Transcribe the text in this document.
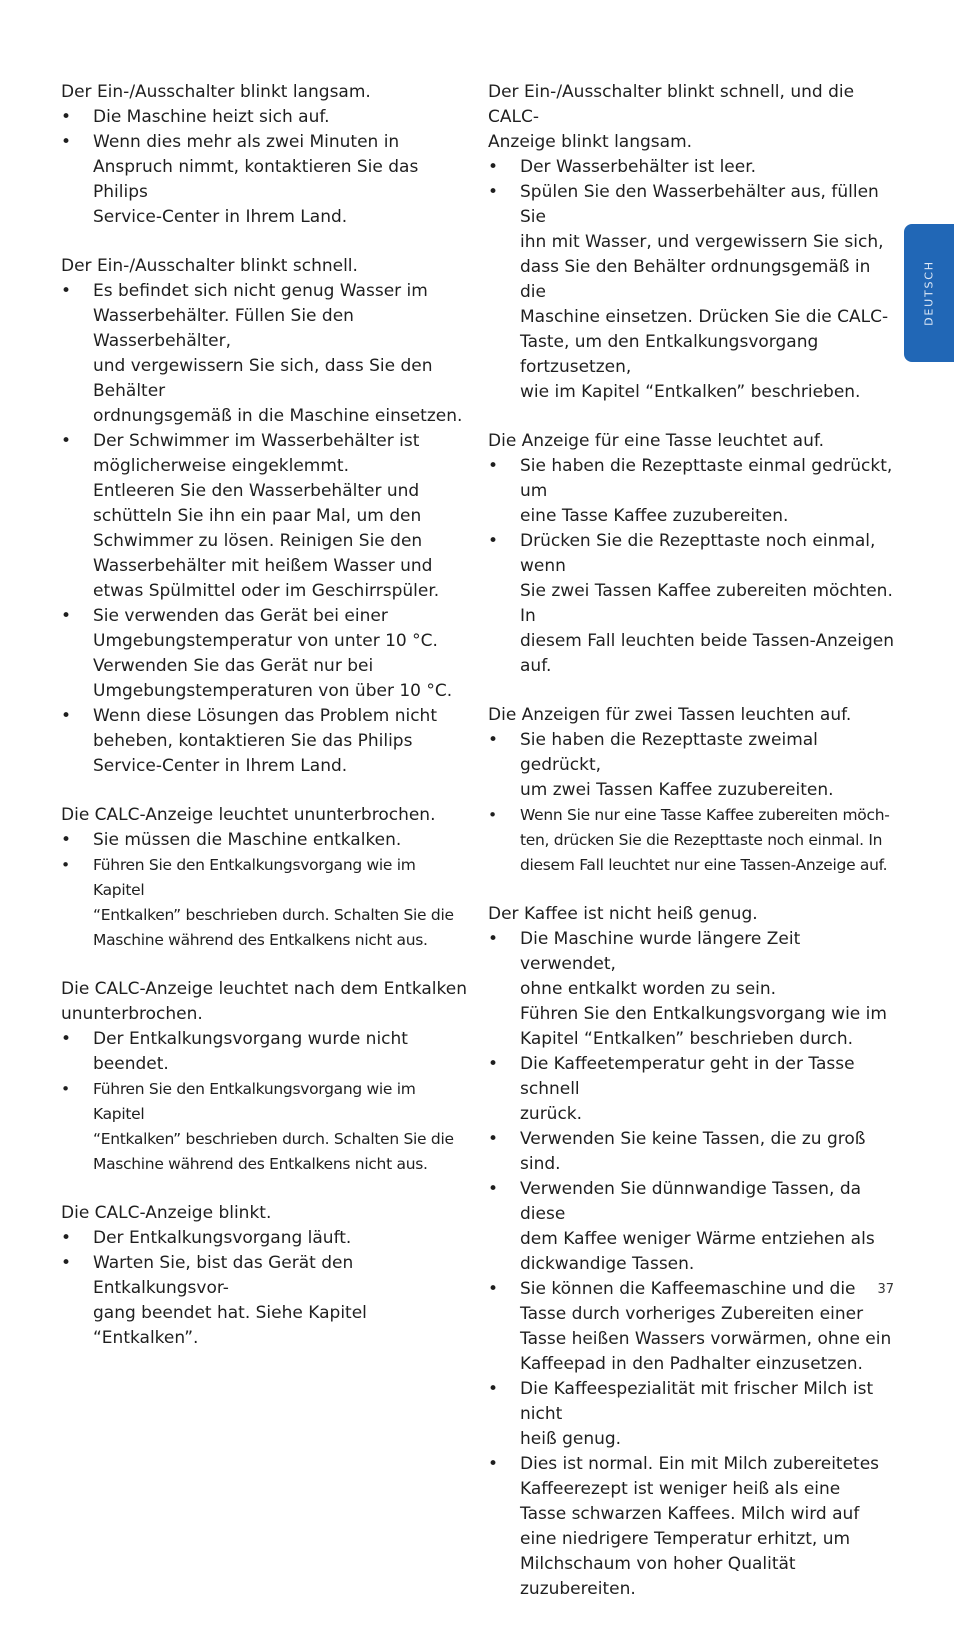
Der Ein-/Ausschalter blinkt langsam.

• Die Maschine heizt sich auf.
• Wenn dies mehr als zwei Minuten in
Anspruch nimmt, kontaktieren Sie das Philips
Service-Center in Ihrem Land.

Der Ein-/Ausschalter blinkt schnell.

• Es befindet sich nicht genug Wasser im
Wasserbehälter. Füllen Sie den Wasserbehälter,
und vergewissern Sie sich, dass Sie den Behälter
ordnungsgemäß in die Maschine einsetzen.
• Der Schwimmer im Wasserbehälter ist
möglicherweise eingeklemmt.
Entleeren Sie den Wasserbehälter und
schütteln Sie ihn ein paar Mal, um den
Schwimmer zu lösen. Reinigen Sie den
Wasserbehälter mit heißem Wasser und
etwas Spülmittel oder im Geschirrspüler.
• Sie verwenden das Gerät bei einer
Umgebungstemperatur von unter 10 °C.
Verwenden Sie das Gerät nur bei
Umgebungstemperaturen von über 10 °C.
• Wenn diese Lösungen das Problem nicht
beheben, kontaktieren Sie das Philips
Service-Center in Ihrem Land.

Die CALC-Anzeige leuchtet ununterbrochen.

• Sie müssen die Maschine entkalken.
• Führen Sie den Entkalkungsvorgang wie im Kapitel
“Entkalken” beschrieben durch. Schalten Sie die
Maschine während des Entkalkens nicht aus.

Die CALC-Anzeige leuchtet nach dem Entkalken
ununterbrochen.

• Der Entkalkungsvorgang wurde nicht beendet.
• Führen Sie den Entkalkungsvorgang wie im Kapitel
“Entkalken” beschrieben durch. Schalten Sie die
Maschine während des Entkalkens nicht aus.

Die CALC-Anzeige blinkt.

• Der Entkalkungsvorgang läuft.
• Warten Sie, bist das Gerät den Entkalkungsvor-
gang beendet hat. Siehe Kapitel “Entkalken”.

Der Ein-/Ausschalter blinkt schnell, und die CALC-
Anzeige blinkt langsam.

• Der Wasserbehälter ist leer.
• Spülen Sie den Wasserbehälter aus, füllen Sie
ihn mit Wasser, und vergewissern Sie sich,
dass Sie den Behälter ordnungsgemäß in die
Maschine einsetzen. Drücken Sie die CALC-
Taste, um den Entkalkungsvorgang fortzusetzen,
wie im Kapitel “Entkalken” beschrieben.

Die Anzeige für eine Tasse leuchtet auf.

• Sie haben die Rezepttaste einmal gedrückt, um
eine Tasse Kaffee zuzubereiten.
• Drücken Sie die Rezepttaste noch einmal, wenn
Sie zwei Tassen Kaffee zubereiten möchten. In
diesem Fall leuchten beide Tassen-Anzeigen auf.

Die Anzeigen für zwei Tassen leuchten auf.

• Sie haben die Rezepttaste zweimal gedrückt,
um zwei Tassen Kaffee zuzubereiten.
• Wenn Sie nur eine Tasse Kaffee zubereiten möch-
ten, drücken Sie die Rezepttaste noch einmal. In
diesem Fall leuchtet nur eine Tassen-Anzeige auf.

Der Kaffee ist nicht heiß genug.

• Die Maschine wurde längere Zeit verwendet,
ohne entkalkt worden zu sein.
Führen Sie den Entkalkungsvorgang wie im
Kapitel “Entkalken” beschrieben durch.
• Die Kaffeetemperatur geht in der Tasse schnell
zurück.
• Verwenden Sie keine Tassen, die zu groß sind.
• Verwenden Sie dünnwandige Tassen, da diese
dem Kaffee weniger Wärme entziehen als
dickwandige Tassen.
• Sie können die Kaffeemaschine und die
Tasse durch vorheriges Zubereiten einer
Tasse heißen Wassers vorwärmen, ohne ein
Kaffeepad in den Padhalter einzusetzen.
• Die Kaffeespezialität mit frischer Milch ist nicht
heiß genug.
• Dies ist normal. Ein mit Milch zubereitetes
Kaffeerezept ist weniger heiß als eine
Tasse schwarzen Kaffees. Milch wird auf
eine niedrigere Temperatur erhitzt, um
Milchschaum von hoher Qualität zuzubereiten.
DEUTSCH
37
